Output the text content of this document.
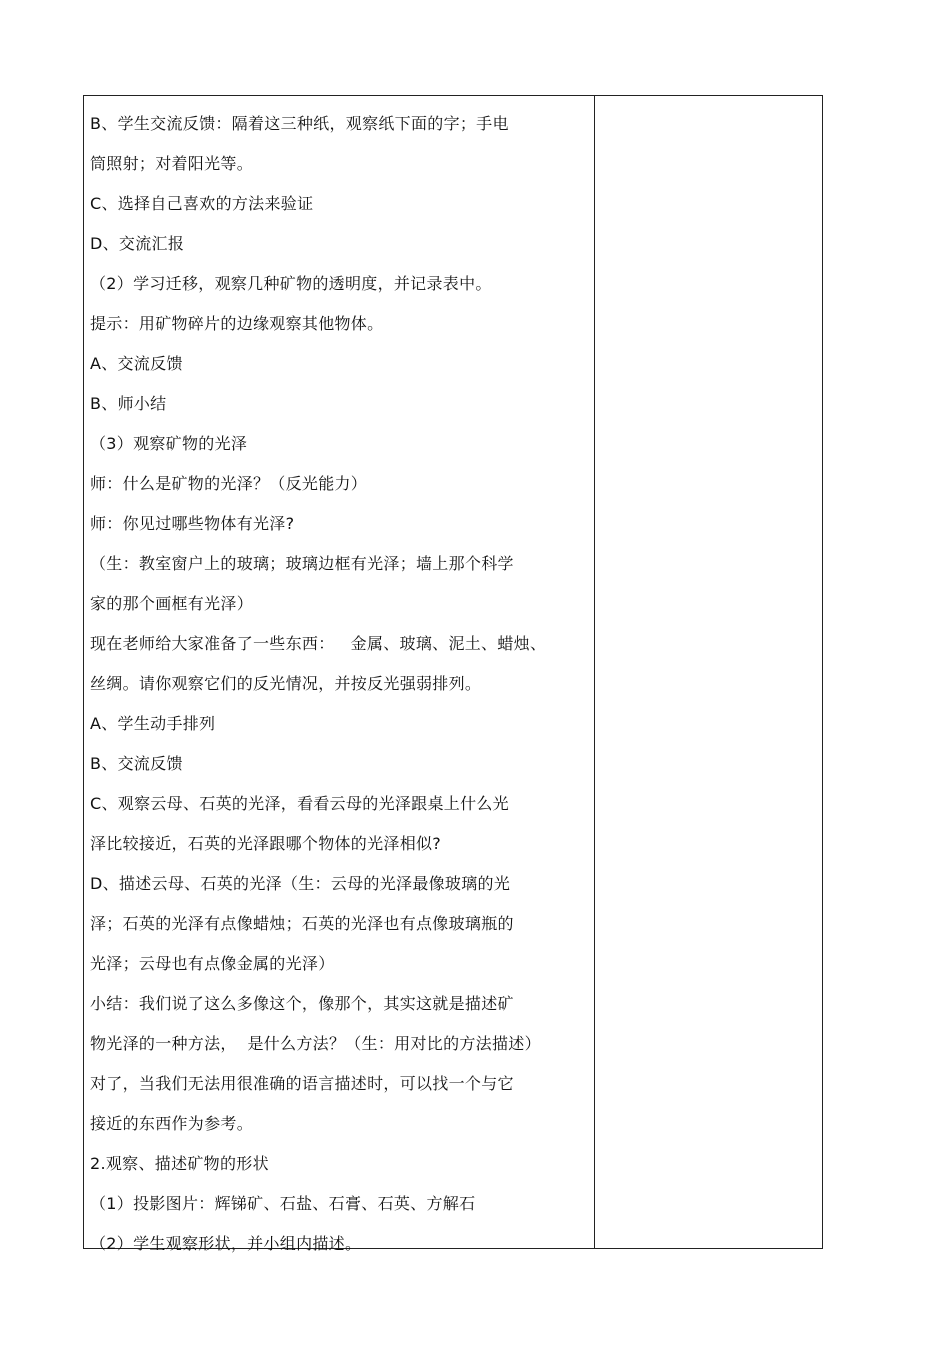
B、学生交流反馈：隔着这三种纸，观察纸下面的字；手电
筒照射；对着阳光等。
C、选择自己喜欢的方法来验证
D、交流汇报
（2）学习迁移，观察几种矿物的透明度，并记录表中。
提示：用矿物碎片的边缘观察其他物体。
A、交流反馈
B、师小结
（3）观察矿物的光泽
师：什么是矿物的光泽？（反光能力）
师：你见过哪些物体有光泽?
（生：教室窗户上的玻璃；玻璃边框有光泽；墙上那个科学
家的那个画框有光泽）
现在老师给大家准备了一些东西：   金属、玻璃、泥土、蜡烛、
丝绸。请你观察它们的反光情况，并按反光强弱排列。
A、学生动手排列
B、交流反馈
C、观察云母、石英的光泽，看看云母的光泽跟桌上什么光
泽比较接近，石英的光泽跟哪个物体的光泽相似?
D、描述云母、石英的光泽（生：云母的光泽最像玻璃的光
泽；石英的光泽有点像蜡烛；石英的光泽也有点像玻璃瓶的
光泽；云母也有点像金属的光泽）
小结：我们说了这么多像这个，像那个，其实这就是描述矿
物光泽的一种方法，  是什么方法？（生：用对比的方法描述）
对了，当我们无法用很准确的语言描述时，可以找一个与它
接近的东西作为参考。
2.观察、描述矿物的形状
（1）投影图片：辉锑矿、石盐、石膏、石英、方解石
（2）学生观察形状，并小组内描述。
